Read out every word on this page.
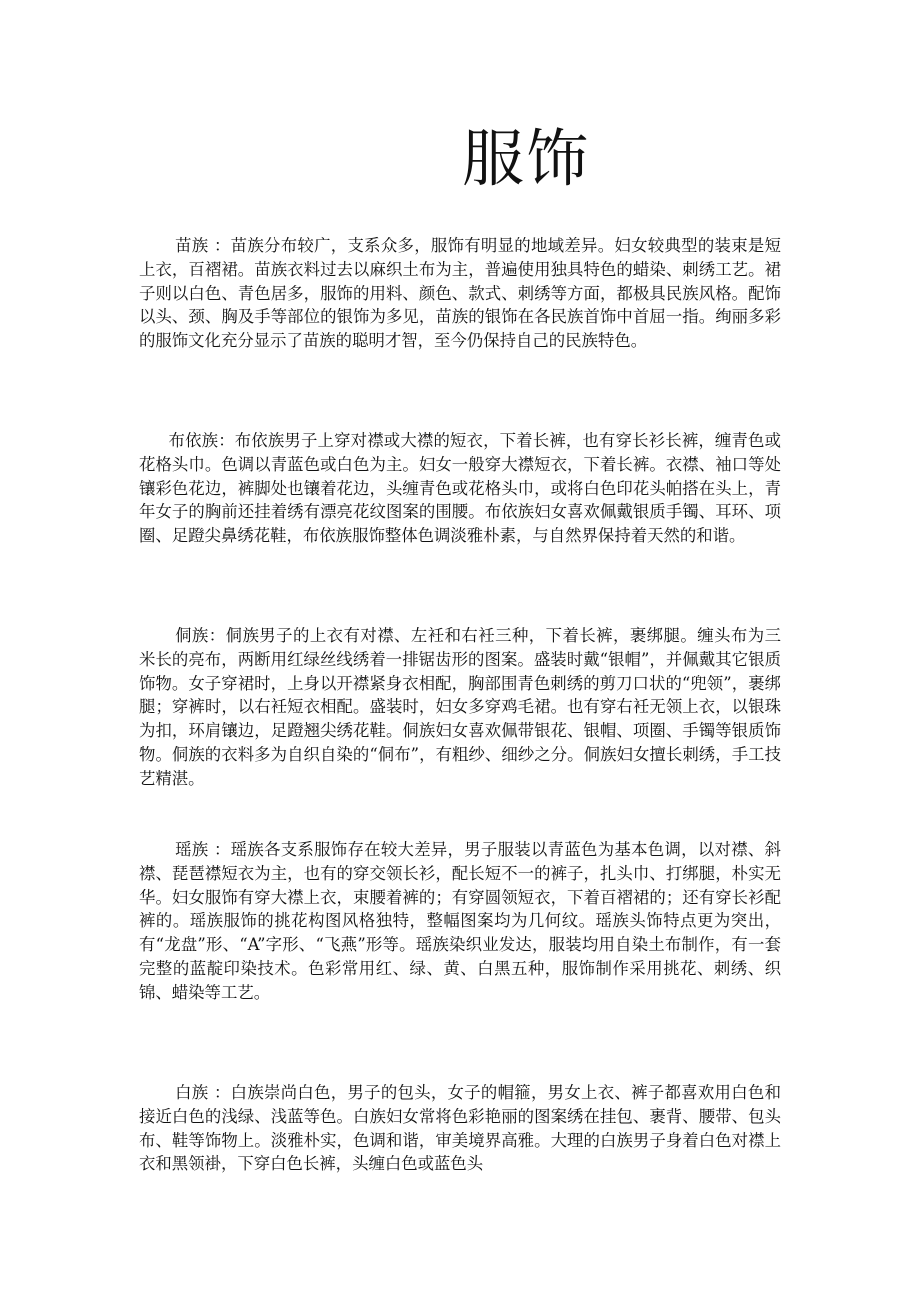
服饰

苗族 ：苗族分布较广，支系众多，服饰有明显的地域差异。妇女较典型的装束是短上衣，百褶裙。苗族衣料过去以麻织土布为主，普遍使用独具特色的蜡染、刺绣工艺。裙子则以白色、青色居多，服饰的用料、颜色、款式、刺绣等方面，都极具民族风格。配饰以头、颈、胸及手等部位的银饰为多见，苗族的银饰在各民族首饰中首屈一指。绚丽多彩的服饰文化充分显示了苗族的聪明才智，至今仍保持自己的民族特色。

布依族：布依族男子上穿对襟或大襟的短衣，下着长裤，也有穿长衫长裤，缠青色或花格头巾。色调以青蓝色或白色为主。妇女一般穿大襟短衣，下着长裤。衣襟、袖口等处镶彩色花边，裤脚处也镶着花边，头缠青色或花格头巾，或将白色印花头帕搭在头上，青年女子的胸前还挂着绣有漂亮花纹图案的围腰。布依族妇女喜欢佩戴银质手镯、耳环、项圈、足蹬尖鼻绣花鞋，布依族服饰整体色调淡雅朴素，与自然界保持着天然的和谐。

侗族：侗族男子的上衣有对襟、左衽和右衽三种，下着长裤，裹绑腿。缠头布为三米长的亮布，两断用红绿丝线绣着一排锯齿形的图案。盛装时戴“银帽”，并佩戴其它银质饰物。女子穿裙时，上身以开襟紧身衣相配，胸部围青色刺绣的剪刀口状的“兜领”，裹绑腿；穿裤时，以右衽短衣相配。盛装时，妇女多穿鸡毛裙。也有穿右衽无领上衣，以银珠为扣，环肩镶边，足蹬翘尖绣花鞋。侗族妇女喜欢佩带银花、银帽、项圈、手镯等银质饰物。侗族的衣料多为自织自染的“侗布”，有粗纱、细纱之分。侗族妇女擅长刺绣，手工技艺精湛。

瑶族 ：瑶族各支系服饰存在较大差异，男子服装以青蓝色为基本色调，以对襟、斜襟、琵琶襟短衣为主，也有的穿交领长衫，配长短不一的裤子，扎头巾、打绑腿，朴实无华。妇女服饰有穿大襟上衣，束腰着裤的；有穿圆领短衣，下着百褶裙的；还有穿长衫配裤的。瑶族服饰的挑花构图风格独特，整幅图案均为几何纹。瑶族头饰特点更为突出，有“龙盘”形、“A”字形、“飞燕”形等。瑶族染织业发达，服装均用自染土布制作，有一套完整的蓝靛印染技术。色彩常用红、绿、黄、白黑五种，服饰制作采用挑花、刺绣、织锦、蜡染等工艺。

白族 ：白族崇尚白色，男子的包头，女子的帽箍，男女上衣、裤子都喜欢用白色和接近白色的浅绿、浅蓝等色。白族妇女常将色彩艳丽的图案绣在挂包、裹背、腰带、包头布、鞋等饰物上。淡雅朴实，色调和谐，审美境界高雅。大理的白族男子身着白色对襟上衣和黑领褂，下穿白色长裤，头缠白色或蓝色头
